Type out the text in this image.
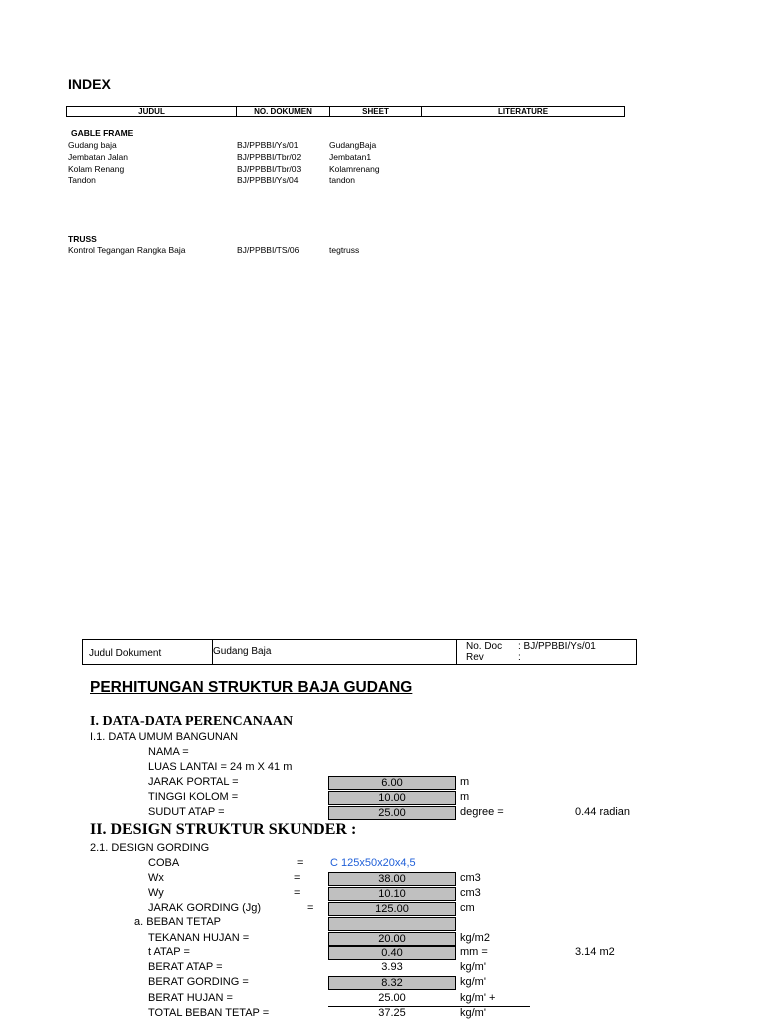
INDEX
JUDUL	NO. DOKUMEN	SHEET	LITERATURE
GABLE FRAME
Gudang baja	BJ/PPBBI/Ys/01	GudangBaja
Jembatan Jalan	BJ/PPBBI/Tbr/02	Jembatan1
Kolam Renang	BJ/PPBBI/Tbr/03	Kolamrenang
Tandon	BJ/PPBBI/Ys/04	tandon
TRUSS
Kontrol Tegangan Rangka Baja	BJ/PPBBI/TS/06	tegtruss
Judul Dokument	Gudang Baja	No. Doc : BJ/PPBBI/Ys/01
Rev	:
PERHITUNGAN STRUKTUR BAJA GUDANG
I. DATA-DATA PERENCANAAN
I.1. DATA UMUM BANGUNAN
NAMA =
LUAS LANTAI = 24 m X 41 m
JARAK PORTAL =	6.00	m
TINGGI KOLOM =	10.00	m
SUDUT ATAP =	25.00	degree =	0.44 radian
II. DESIGN STRUKTUR SKUNDER :
2.1. DESIGN GORDING
COBA	= C 125x50x20x4,5
Wx	=	38.00	cm3
Wy	=	10.10	cm3
JARAK GORDING (Jg)	=	125.00	cm
a. BEBAN TETAP
TEKANAN HUJAN =	20.00	kg/m2
t ATAP =	0.40	mm =	3.14 m2
BERAT ATAP =	3.93	kg/m'
BERAT GORDING =	8.32	kg/m'
BERAT HUJAN =	25.00	kg/m' +
TOTAL BEBAN TETAP =	37.25	kg/m'
